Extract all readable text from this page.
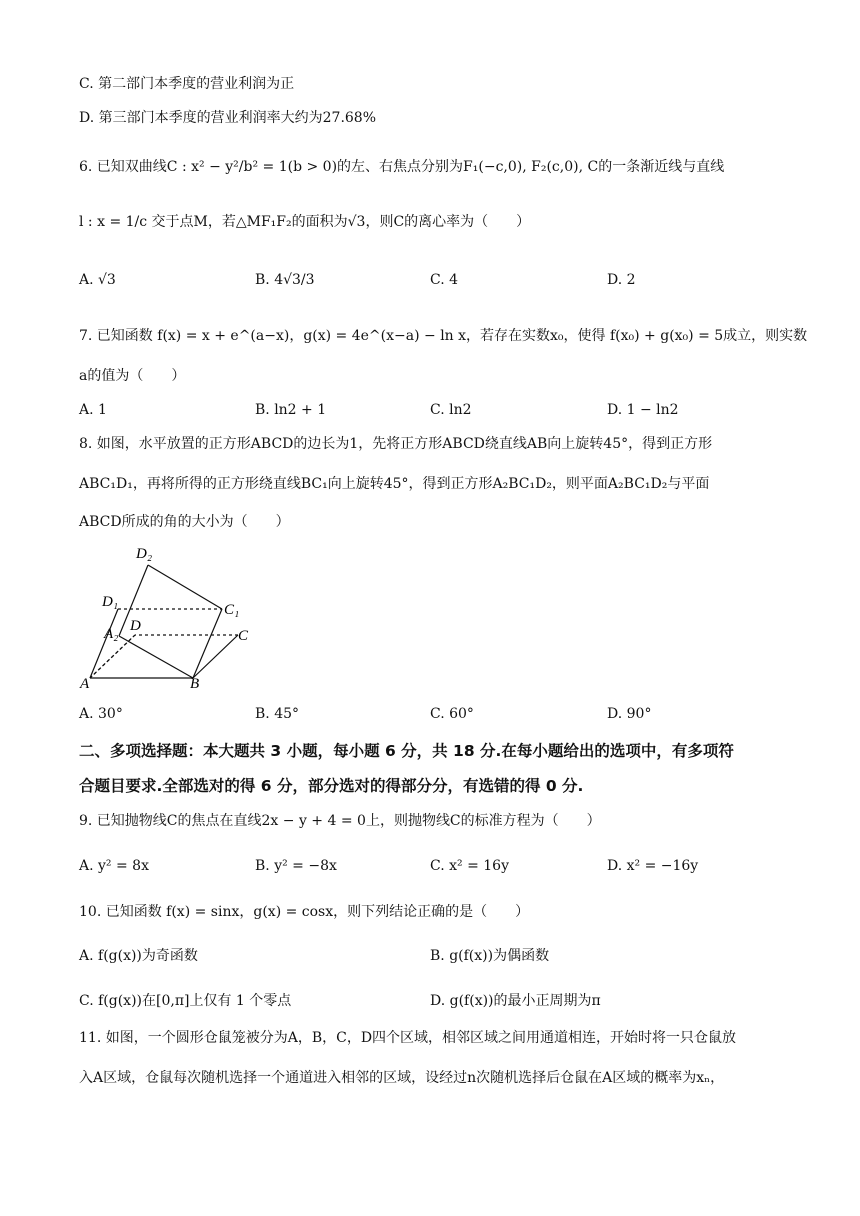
C. 第二部门本季度的营业利润为正
D. 第三部门本季度的营业利润率大约为27.68%
6. 已知双曲线C : x² − y²/b² = 1(b > 0)的左、右焦点分别为F₁(−c,0), F₂(c,0), C的一条渐近线与直线
l : x = 1/c 交于点M，若△MF₁F₂的面积为√3，则C的离心率为（　　）
A. √3	B. 4√3/3	C. 4	D. 2
7. 已知函数 f(x) = x + e^(a−x)，g(x) = 4e^(x−a) − ln x，若存在实数x₀，使得 f(x₀) + g(x₀) = 5成立，则实数
a的值为（　　）
A. 1	B. ln2 + 1	C. ln2	D. 1 − ln2
8. 如图，水平放置的正方形ABCD的边长为1，先将正方形ABCD绕直线AB向上旋转45°，得到正方形
ABC₁D₁，再将所得的正方形绕直线BC₁向上旋转45°，得到正方形A₂BC₁D₂，则平面A₂BC₁D₂与平面
ABCD所成的角的大小为（　　）
D₂
D₁	C₁
D
A₂	C
A	B
A. 30°	B. 45°	C. 60°	D. 90°
二、多项选择题：本大题共 3 小题，每小题 6 分，共 18 分.在每小题给出的选项中，有多项符
合题目要求.全部选对的得 6 分，部分选对的得部分分，有选错的得 0 分.
9. 已知抛物线C的焦点在直线2x − y + 4 = 0上，则抛物线C的标准方程为（　　）
A. y² = 8x	B. y² = −8x	C. x² = 16y	D. x² = −16y
10. 已知函数 f(x) = sinx，g(x) = cosx，则下列结论正确的是（　　）
A. f(g(x))为奇函数	B. g(f(x))为偶函数
C. f(g(x))在[0,π]上仅有 1 个零点	D. g(f(x))的最小正周期为π
11. 如图，一个圆形仓鼠笼被分为A，B，C，D四个区域，相邻区域之间用通道相连，开始时将一只仓鼠放
入A区域，仓鼠每次随机选择一个通道进入相邻的区域，设经过n次随机选择后仓鼠在A区域的概率为xₙ，
